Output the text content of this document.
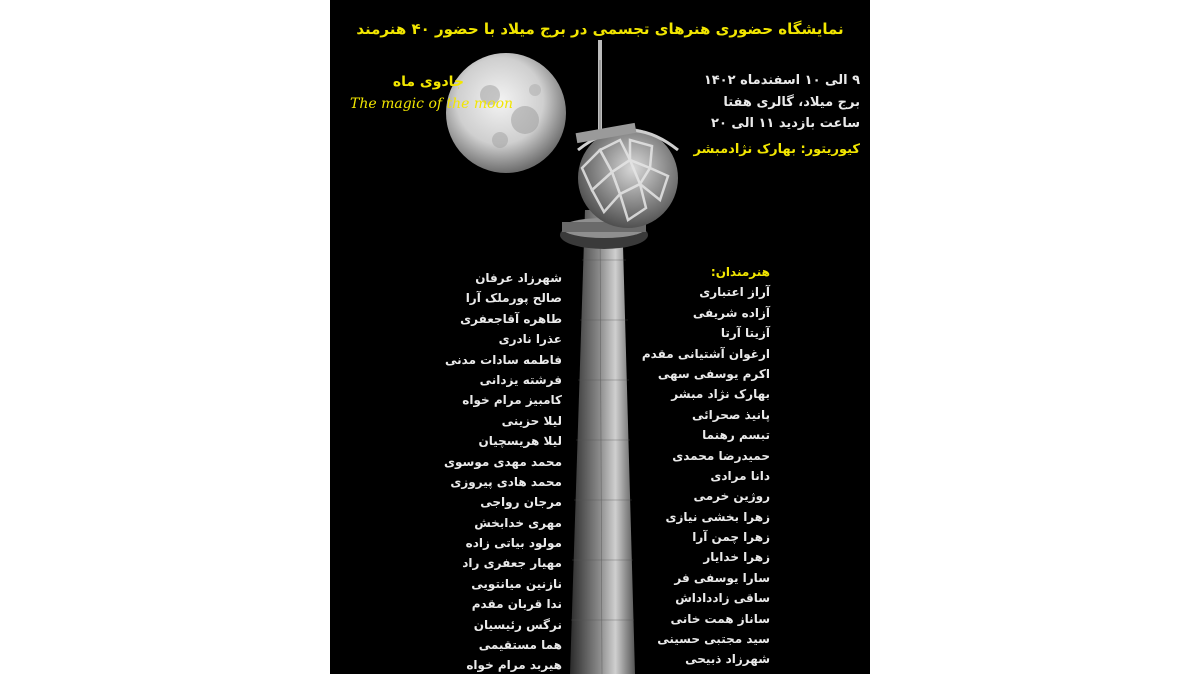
نمایشگاه حضوری هنرهای تجسمی در برج میلاد با حضور ۴۰ هنرمند
جادوی ماه
The magic of the moon
۹ الی ۱۰ اسفندماه ۱۴۰۲
برج میلاد، گالری هفتا
ساعت بازدید ۱۱ الی ۲۰
کیوریتور: بهارک نژادمبشر
هنرمندان:
آراز اعتباری
آزاده شریفی
آزیتا آرتا
ارغوان آشتیانی مقدم
اکرم یوسفی سهی
بهارک نژاد مبشر
پانیذ صحرائی
تبسم رهنما
حمیدرضا محمدی
دانا مرادی
روژین خرمی
زهرا بخشی نیازی
زهرا چمن آرا
زهرا خدایار
سارا یوسفی فر
ساقی زادداداش
ساناز همت خانی
سید مجتبی حسینی
شهرزاد ذبیحی
شهرزاد عرفان
صالح پورملک آرا
طاهره آقاجعفری
عذرا نادری
فاطمه سادات مدنی
فرشته یزدانی
کامبیز مرام خواه
لیلا حزینی
لیلا هریسچیان
محمد مهدی موسوی
محمد هادی پیروزی
مرجان رواجی
مهری خدابخش
مولود بیاتی زاده
مهیار جعفری راد
نازنین میانتویی
ندا قربان مقدم
نرگس رئیسیان
هما مستقیمی
هیربد مرام خواه
